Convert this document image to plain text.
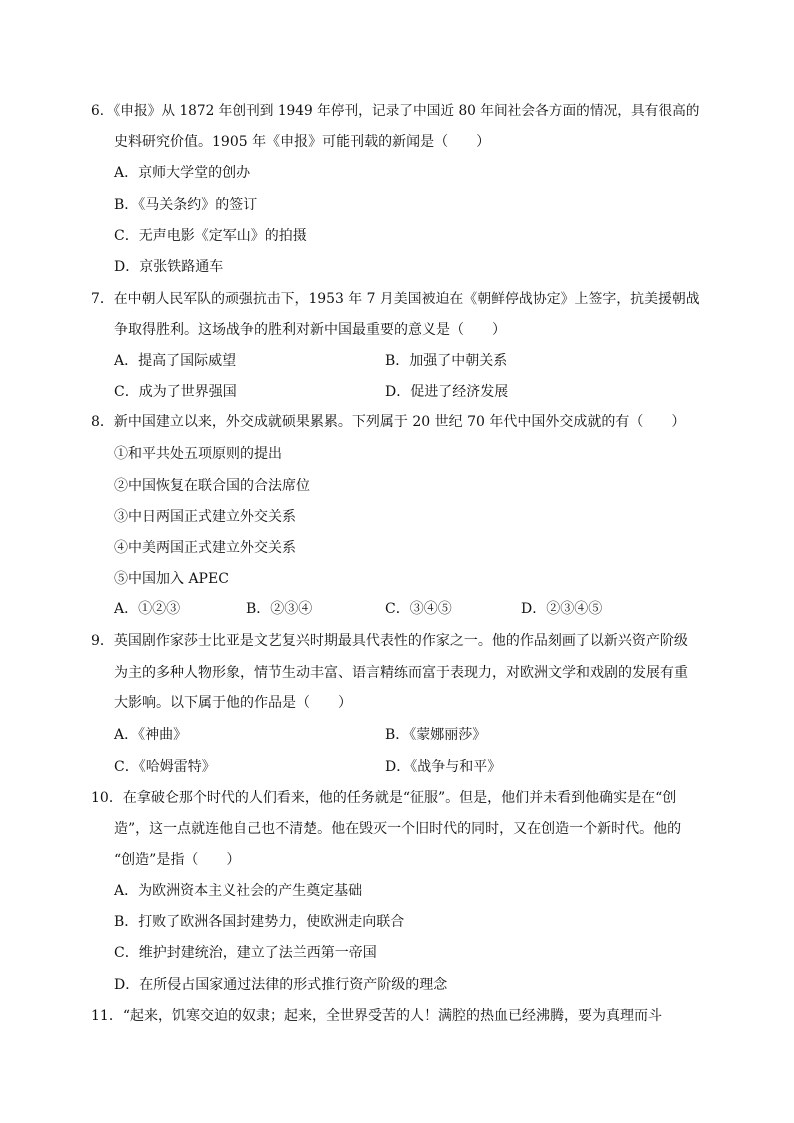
6．《申报》从 1872 年创刊到 1949 年停刊，记录了中国近 80 年间社会各方面的情况，具有很高的
史料研究价值。1905 年《申报》可能刊载的新闻是（　　）
A．京师大学堂的创办
B．《马关条约》的签订
C．无声电影《定军山》的拍摄
D．京张铁路通车
7．在中朝人民军队的顽强抗击下，1953 年 7 月美国被迫在《朝鲜停战协定》上签字，抗美援朝战
争取得胜利。这场战争的胜利对新中国最重要的意义是（　　）
A．提高了国际威望	B．加强了中朝关系
C．成为了世界强国	D．促进了经济发展
8．新中国建立以来，外交成就硕果累累。下列属于 20 世纪 70 年代中国外交成就的有（　　）
①和平共处五项原则的提出
②中国恢复在联合国的合法席位
③中日两国正式建立外交关系
④中美两国正式建立外交关系
⑤中国加入 APEC
A．①②③	B．②③④	C．③④⑤	D．②③④⑤
9．英国剧作家莎士比亚是文艺复兴时期最具代表性的作家之一。他的作品刻画了以新兴资产阶级
为主的多种人物形象，情节生动丰富、语言精练而富于表现力，对欧洲文学和戏剧的发展有重
大影响。以下属于他的作品是（　　）
A．《神曲》	B．《蒙娜丽莎》
C．《哈姆雷特》	D．《战争与和平》
10．在拿破仑那个时代的人们看来，他的任务就是“征服”。但是，他们并未看到他确实是在“创
造”，这一点就连他自己也不清楚。他在毁灭一个旧时代的同时，又在创造一个新时代。他的
“创造”是指（　　）
A．为欧洲资本主义社会的产生奠定基础
B．打败了欧洲各国封建势力，使欧洲走向联合
C．维护封建统治，建立了法兰西第一帝国
D．在所侵占国家通过法律的形式推行资产阶级的理念
11．“起来，饥寒交迫的奴隶；起来，全世界受苦的人！满腔的热血已经沸腾，要为真理而斗
